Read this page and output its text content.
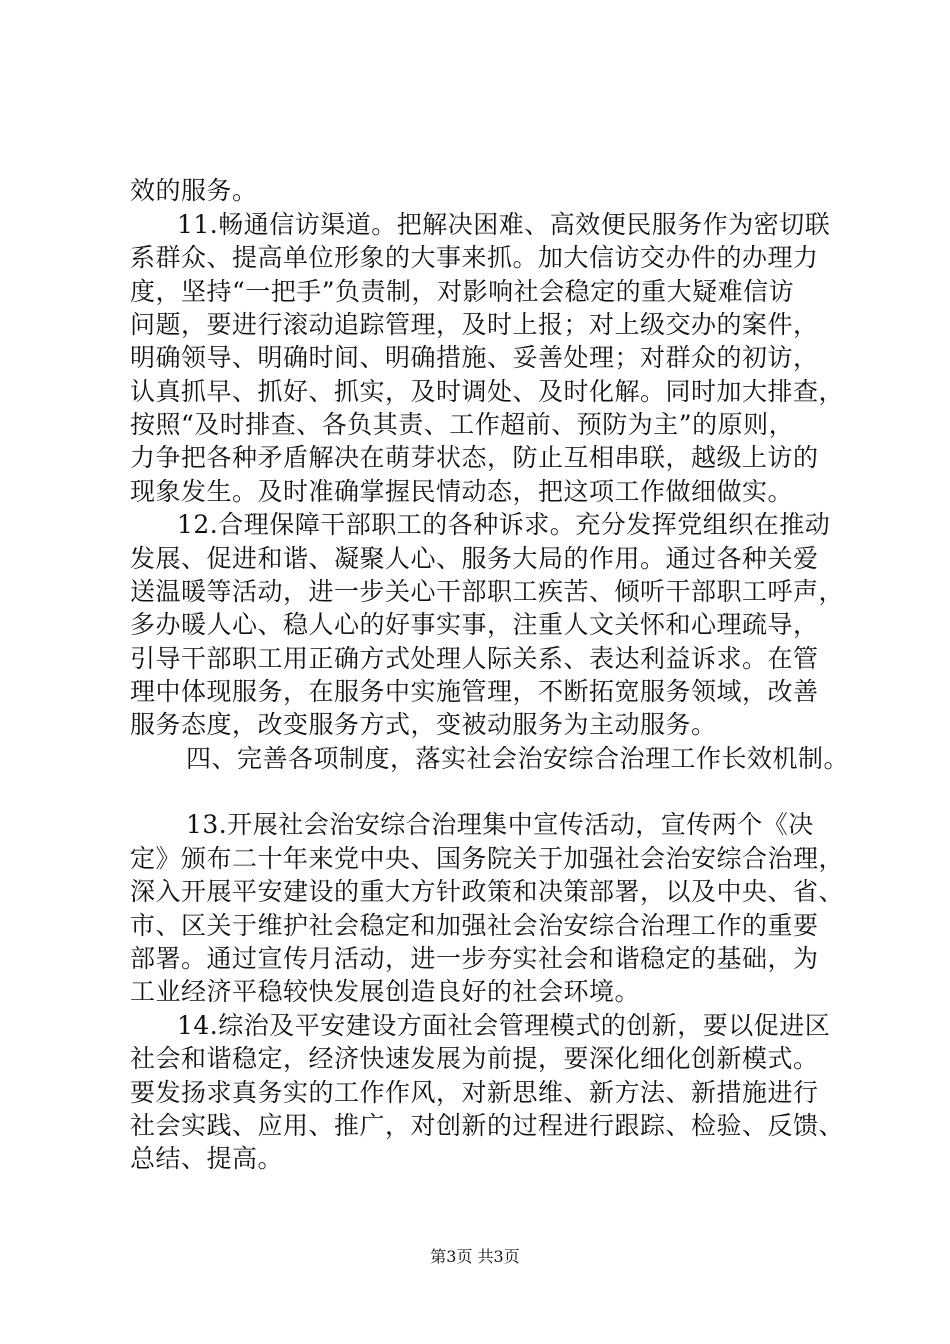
效的服务。
11.畅通信访渠道。把解决困难、高效便民服务作为密切联
系群众、提高单位形象的大事来抓。加大信访交办件的办理力
度，坚持“一把手”负责制，对影响社会稳定的重大疑难信访
问题，要进行滚动追踪管理，及时上报；对上级交办的案件，
明确领导、明确时间、明确措施、妥善处理；对群众的初访，
认真抓早、抓好、抓实，及时调处、及时化解。同时加大排查，
按照“及时排查、各负其责、工作超前、预防为主”的原则，
力争把各种矛盾解决在萌芽状态，防止互相串联，越级上访的
现象发生。及时准确掌握民情动态，把这项工作做细做实。
12.合理保障干部职工的各种诉求。充分发挥党组织在推动
发展、促进和谐、凝聚人心、服务大局的作用。通过各种关爱
送温暖等活动，进一步关心干部职工疾苦、倾听干部职工呼声，
多办暖人心、稳人心的好事实事，注重人文关怀和心理疏导，
引导干部职工用正确方式处理人际关系、表达利益诉求。在管
理中体现服务，在服务中实施管理，不断拓宽服务领域，改善
服务态度，改变服务方式，变被动服务为主动服务。
四、完善各项制度，落实社会治安综合治理工作长效机制。
13.开展社会治安综合治理集中宣传活动，宣传两个《决
定》颁布二十年来党中央、国务院关于加强社会治安综合治理，
深入开展平安建设的重大方针政策和决策部署，以及中央、省、
市、区关于维护社会稳定和加强社会治安综合治理工作的重要
部署。通过宣传月活动，进一步夯实社会和谐稳定的基础，为
工业经济平稳较快发展创造良好的社会环境。
14.综治及平安建设方面社会管理模式的创新，要以促进区
社会和谐稳定，经济快速发展为前提，要深化细化创新模式。
要发扬求真务实的工作作风，对新思维、新方法、新措施进行
社会实践、应用、推广，对创新的过程进行跟踪、检验、反馈、
总结、提高。
第3页 共3页
